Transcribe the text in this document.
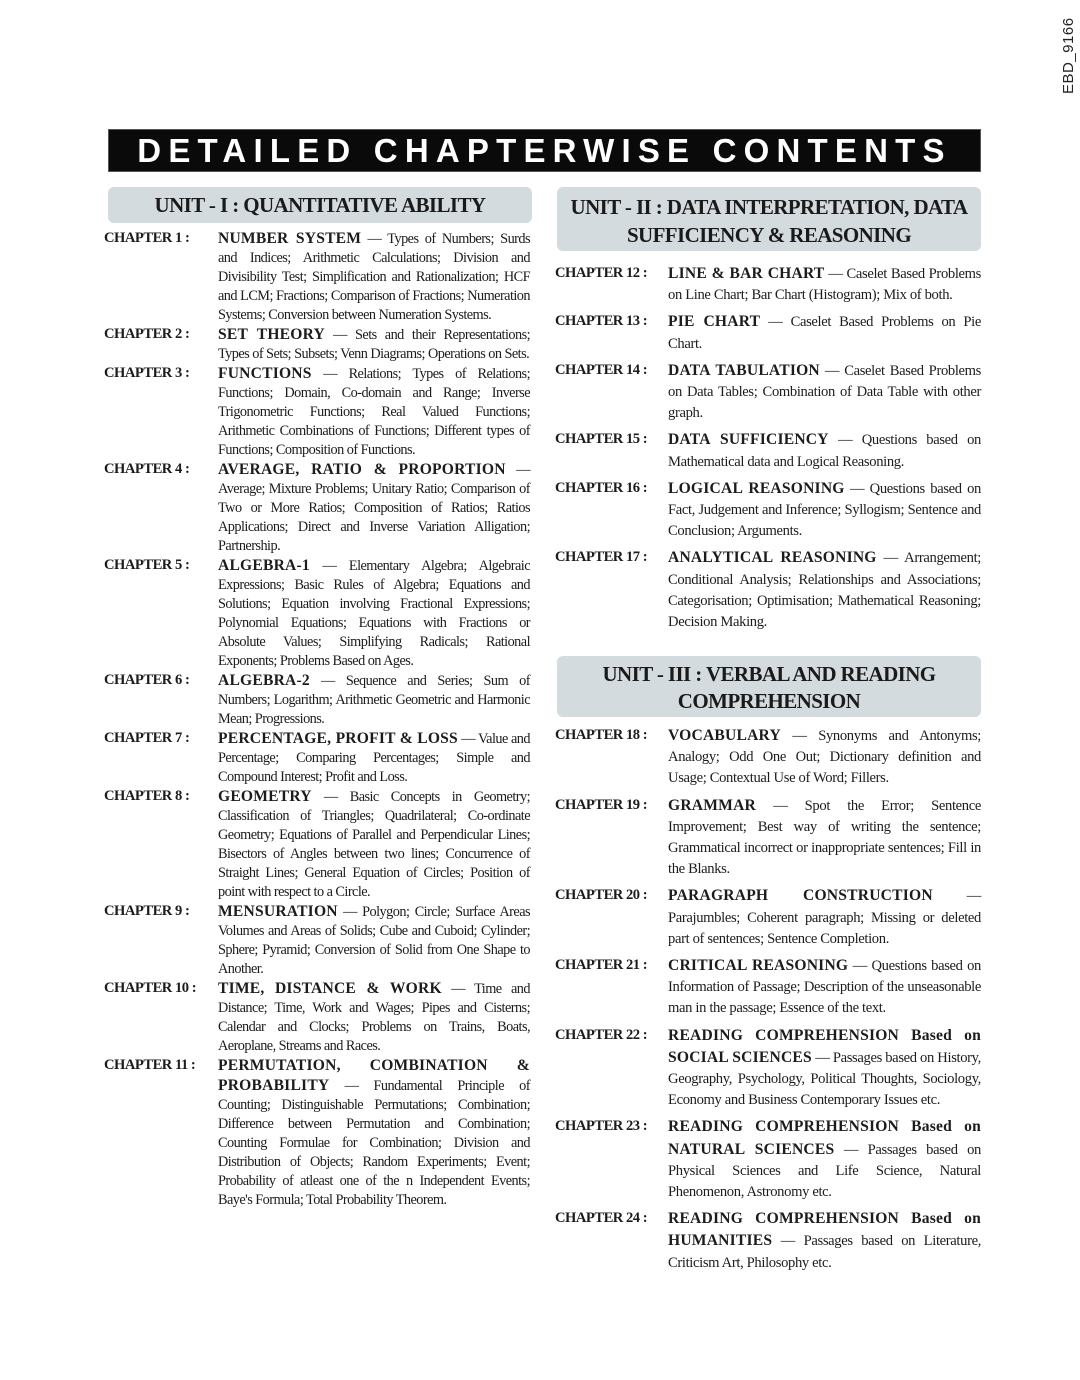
EBD_9166
DETAILED CHAPTERWISE CONTENTS
UNIT - I : QUANTITATIVE ABILITY	UNIT - II : DATA INTERPRETATION, DATA SUFFICIENCY & REASONING
UNIT - III : VERBAL AND READING COMPREHENSION
CHAPTER 1 : NUMBER SYSTEM — Types of Numbers; Surds and Indices; Arithmetic Calculations; Division and Divisibility Test; Simplification and Rationalization; HCF and LCM; Fractions; Comparison of Fractions; Numeration Systems; Conversion between Numeration Systems.
CHAPTER 2 : SET THEORY — Sets and their Representations; Types of Sets; Subsets; Venn Diagrams; Operations on Sets.
CHAPTER 3 : FUNCTIONS — Relations; Types of Relations; Functions; Domain, Co-domain and Range; Inverse Trigonometric Functions; Real Valued Functions; Arithmetic Combinations of Functions; Different types of Functions; Composition of Functions.
CHAPTER 4 : AVERAGE, RATIO & PROPORTION — Average; Mixture Problems; Unitary Ratio; Comparison of Two or More Ratios; Composition of Ratios; Ratios Applications; Direct and Inverse Variation Alligation; Partnership.
CHAPTER 5 : ALGEBRA-1 — Elementary Algebra; Algebraic Expressions; Basic Rules of Algebra; Equations and Solutions; Equation involving Fractional Expressions; Polynomial Equations; Equations with Fractions or Absolute Values; Simplifying Radicals; Rational Exponents; Problems Based on Ages.
CHAPTER 6 : ALGEBRA-2 — Sequence and Series; Sum of Numbers; Logarithm; Arithmetic Geometric and Harmonic Mean; Progressions.
CHAPTER 7 : PERCENTAGE, PROFIT & LOSS — Value and Percentage; Comparing Percentages; Simple and Compound Interest; Profit and Loss.
CHAPTER 8 : GEOMETRY — Basic Concepts in Geometry; Classification of Triangles; Quadrilateral; Co-ordinate Geometry; Equations of Parallel and Perpendicular Lines; Bisectors of Angles between two lines; Concurrence of Straight Lines; General Equation of Circles; Position of point with respect to a Circle.
CHAPTER 9 : MENSURATION — Polygon; Circle; Surface Areas Volumes and Areas of Solids; Cube and Cuboid; Cylinder; Sphere; Pyramid; Conversion of Solid from One Shape to Another.
CHAPTER 10 : TIME, DISTANCE & WORK — Time and Distance; Time, Work and Wages; Pipes and Cisterns; Calendar and Clocks; Problems on Trains, Boats, Aeroplane, Streams and Races.
CHAPTER 11 : PERMUTATION, COMBINATION & PROBABILITY — Fundamental Principle of Counting; Distinguishable Permutations; Combination; Difference between Permutation and Combination; Counting Formulae for Combination; Division and Distribution of Objects; Random Experiments; Event; Probability of atleast one of the n Independent Events; Baye's Formula; Total Probability Theorem.
CHAPTER 12 : LINE & BAR CHART — Caselet Based Problems on Line Chart; Bar Chart (Histogram); Mix of both.
CHAPTER 13 : PIE CHART — Caselet Based Problems on Pie Chart.
CHAPTER 14 : DATA TABULATION — Caselet Based Problems on Data Tables; Combination of Data Table with other graph.
CHAPTER 15 : DATA SUFFICIENCY — Questions based on Mathematical data and Logical Reasoning.
CHAPTER 16 : LOGICAL REASONING — Questions based on Fact, Judgement and Inference; Syllogism; Sentence and Conclusion; Arguments.
CHAPTER 17 : ANALYTICAL REASONING — Arrangement; Conditional Analysis; Relationships and Associations; Categorisation; Optimisation; Mathematical Reasoning; Decision Making.
CHAPTER 18 : VOCABULARY — Synonyms and Antonyms; Analogy; Odd One Out; Dictionary definition and Usage; Contextual Use of Word; Fillers.
CHAPTER 19 : GRAMMAR — Spot the Error; Sentence Improvement; Best way of writing the sentence; Grammatical incorrect or inappropriate sentences; Fill in the Blanks.
CHAPTER 20 : PARAGRAPH CONSTRUCTION — Parajumbles; Coherent paragraph; Missing or deleted part of sentences; Sentence Completion.
CHAPTER 21 : CRITICAL REASONING — Questions based on Information of Passage; Description of the unseasonable man in the passage; Essence of the text.
CHAPTER 22 : READING COMPREHENSION Based on SOCIAL SCIENCES — Passages based on History, Geography, Psychology, Political Thoughts, Sociology, Economy and Business Contemporary Issues etc.
CHAPTER 23 : READING COMPREHENSION Based on NATURAL SCIENCES — Passages based on Physical Sciences and Life Science, Natural Phenomenon, Astronomy etc.
CHAPTER 24 : READING COMPREHENSION Based on HUMANITIES — Passages based on Literature, Criticism Art, Philosophy etc.
